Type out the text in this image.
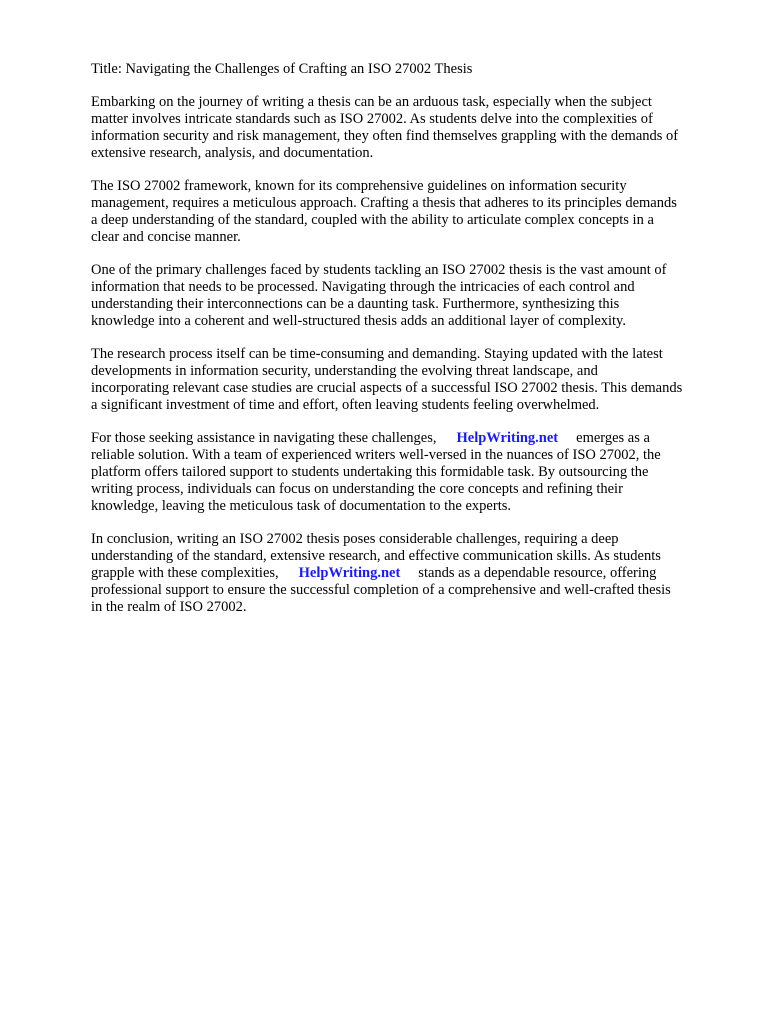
Title: Navigating the Challenges of Crafting an ISO 27002 Thesis
Embarking on the journey of writing a thesis can be an arduous task, especially when the subject
matter involves intricate standards such as ISO 27002. As students delve into the complexities of
information security and risk management, they often find themselves grappling with the demands of
extensive research, analysis, and documentation.
The ISO 27002 framework, known for its comprehensive guidelines on information security
management, requires a meticulous approach. Crafting a thesis that adheres to its principles demands
a deep understanding of the standard, coupled with the ability to articulate complex concepts in a
clear and concise manner.
One of the primary challenges faced by students tackling an ISO 27002 thesis is the vast amount of
information that needs to be processed. Navigating through the intricacies of each control and
understanding their interconnections can be a daunting task. Furthermore, synthesizing this
knowledge into a coherent and well-structured thesis adds an additional layer of complexity.
The research process itself can be time-consuming and demanding. Staying updated with the latest
developments in information security, understanding the evolving threat landscape, and
incorporating relevant case studies are crucial aspects of a successful ISO 27002 thesis. This demands
a significant investment of time and effort, often leaving students feeling overwhelmed.
For those seeking assistance in navigating these challenges, HelpWriting.net emerges as a
reliable solution. With a team of experienced writers well-versed in the nuances of ISO 27002, the
platform offers tailored support to students undertaking this formidable task. By outsourcing the
writing process, individuals can focus on understanding the core concepts and refining their
knowledge, leaving the meticulous task of documentation to the experts.
In conclusion, writing an ISO 27002 thesis poses considerable challenges, requiring a deep
understanding of the standard, extensive research, and effective communication skills. As students
grapple with these complexities, HelpWriting.net stands as a dependable resource, offering
professional support to ensure the successful completion of a comprehensive and well-crafted thesis
in the realm of ISO 27002.
